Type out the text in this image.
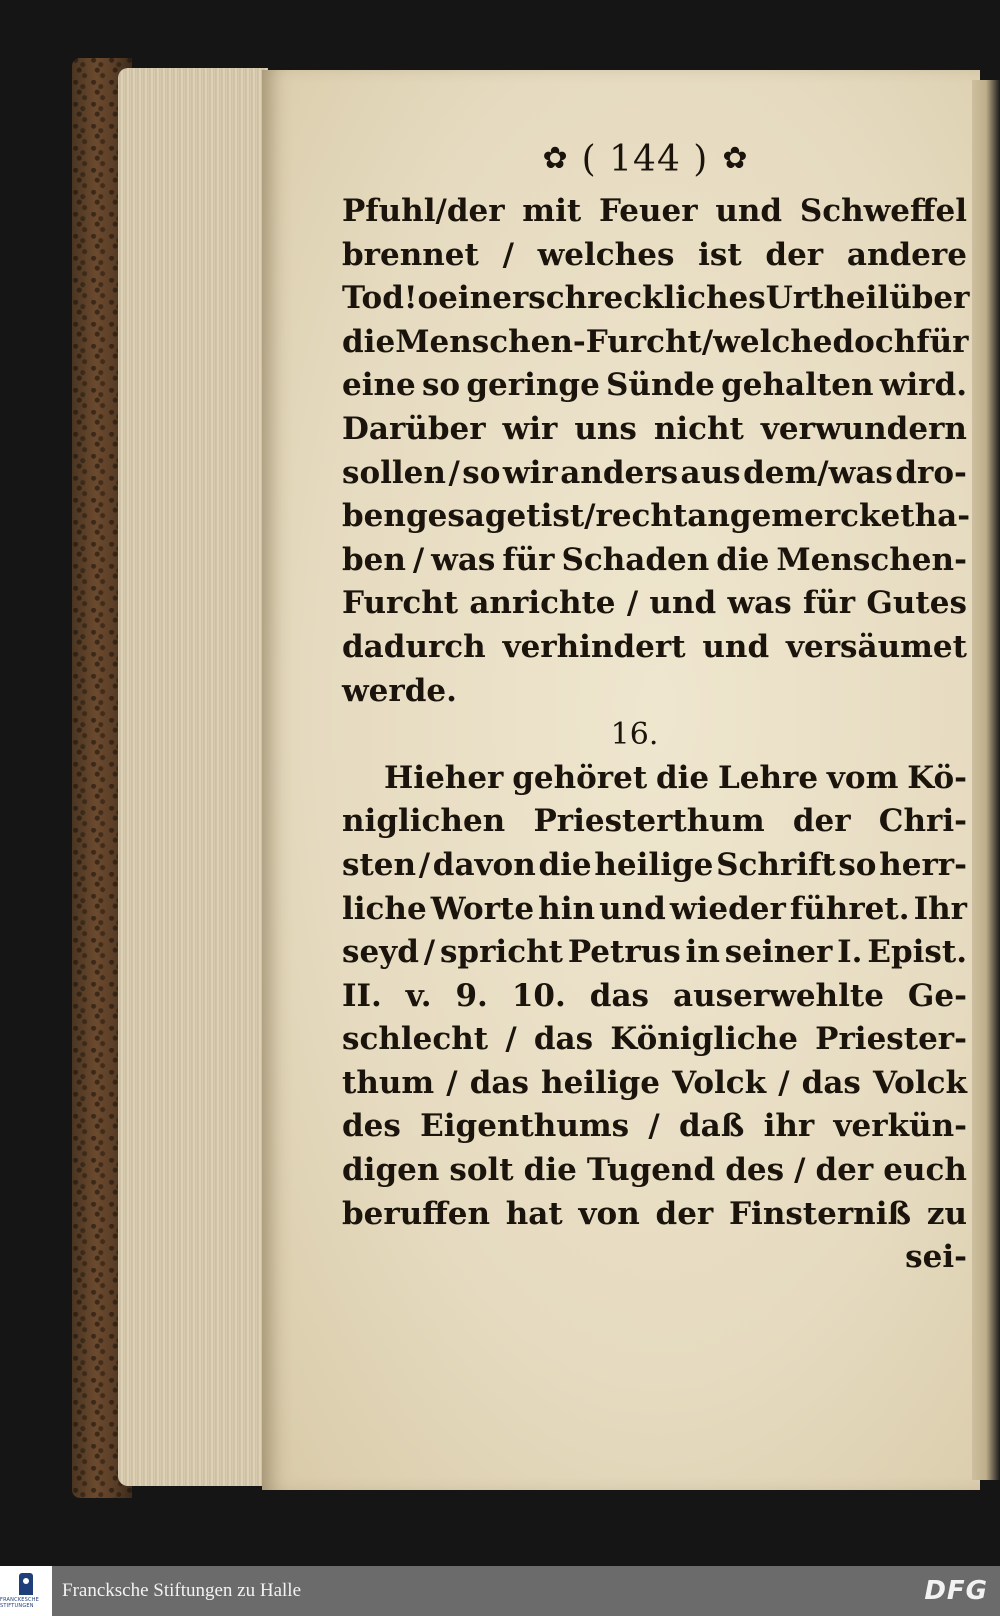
✿ ( 144 ) ✿
Pfuhl/der mit Feuer und Schweffel
brennet / welches ist der andere
Tod! o ein erschreckliches Urtheil über
die Menschen-Furcht / welche doch für
eine so geringe Sünde gehalten wird.
Darüber wir uns nicht verwundern
sollen / so wir anders aus dem/was dro-
ben gesaget ist / recht angemercket ha-
ben / was für Schaden die Menschen-
Furcht anrichte / und was für Gutes
dadurch verhindert und versäumet
werde.
16.
Hieher gehöret die Lehre vom Kö-
niglichen Priesterthum der Chri-
sten / davon die heilige Schrift so herr-
liche Worte hin und wieder führet. Ihr
seyd / spricht Petrus in seiner I. Epist.
II. v. 9. 10. das auserwehlte Ge-
schlecht / das Königliche Priester-
thum / das heilige Volck / das Volck
des Eigenthums / daß ihr verkün-
digen solt die Tugend des / der euch
beruffen hat von der Finsterniß zu
sei-
FRANCKESCHE STIFTUNGEN
Francksche Stiftungen zu Halle	DFG
